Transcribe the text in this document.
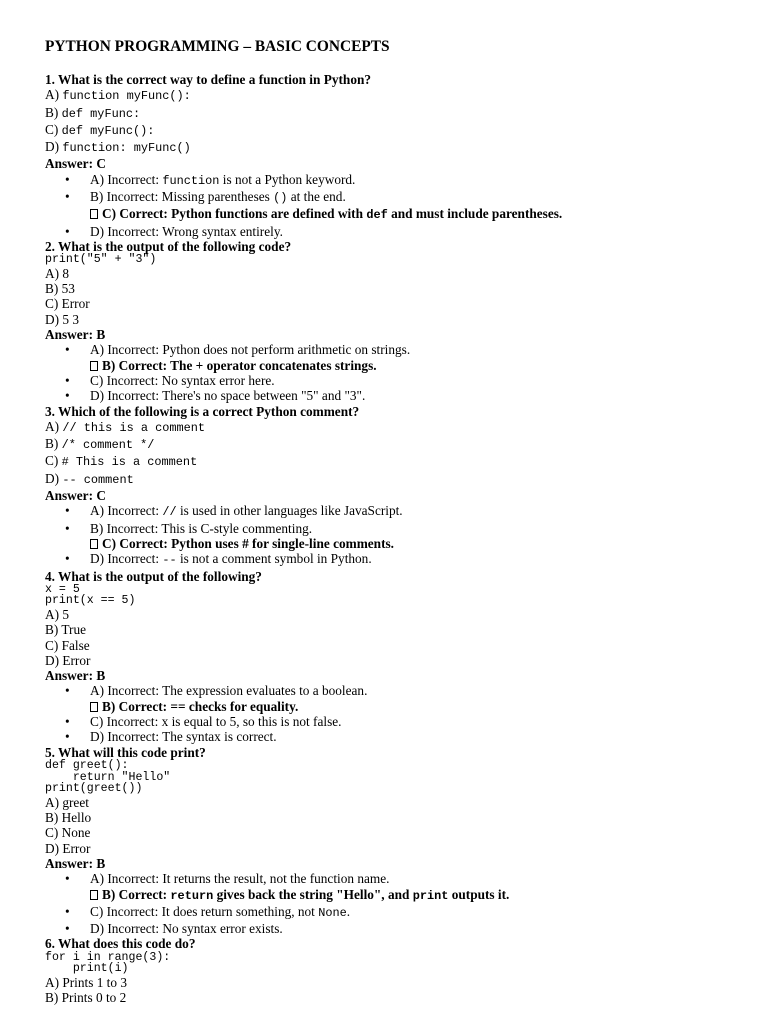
PYTHON PROGRAMMING – BASIC CONCEPTS
1. What is the correct way to define a function in Python?
A) function myFunc():
B) def myFunc:
C) def myFunc():
D) function: myFunc()
Answer: C
• A) Incorrect: function is not a Python keyword.
• B) Incorrect: Missing parentheses () at the end.
C) Correct: Python functions are defined with def and must include parentheses.
• D) Incorrect: Wrong syntax entirely.
2. What is the output of the following code?
print("5" + "3")
A) 8
B) 53
C) Error
D) 5 3
Answer: B
• A) Incorrect: Python does not perform arithmetic on strings.
B) Correct: The + operator concatenates strings.
• C) Incorrect: No syntax error here.
• D) Incorrect: There's no space between "5" and "3".
3. Which of the following is a correct Python comment?
A) // this is a comment
B) /* comment */
C) # This is a comment
D) -- comment
Answer: C
• A) Incorrect: // is used in other languages like JavaScript.
• B) Incorrect: This is C-style commenting.
C) Correct: Python uses # for single-line comments.
• D) Incorrect: -- is not a comment symbol in Python.
4. What is the output of the following?
x = 5
print(x == 5)
A) 5
B) True
C) False
D) Error
Answer: B
• A) Incorrect: The expression evaluates to a boolean.
B) Correct: == checks for equality.
• C) Incorrect: x is equal to 5, so this is not false.
• D) Incorrect: The syntax is correct.
5. What will this code print?
def greet():
return "Hello"
print(greet())
A) greet
B) Hello
C) None
D) Error
Answer: B
• A) Incorrect: It returns the result, not the function name.
B) Correct: return gives back the string "Hello", and print outputs it.
• C) Incorrect: It does return something, not None.
• D) Incorrect: No syntax error exists.
6. What does this code do?
for i in range(3):
print(i)
A) Prints 1 to 3
B) Prints 0 to 2
